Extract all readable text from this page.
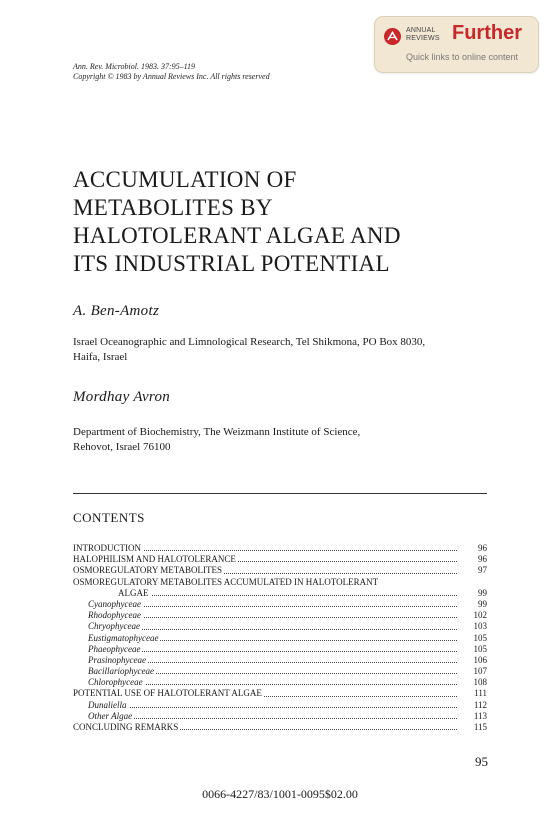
ANNUAL
REVIEWS Further
Quick links to online content
Ann. Rev. Microbiol. 1983. 37:95–119
Copyright © 1983 by Annual Reviews Inc. All rights reserved
ACCUMULATION OF
METABOLITES BY
HALOTOLERANT ALGAE AND
ITS INDUSTRIAL POTENTIAL
A. Ben-Amotz
Israel Oceanographic and Limnological Research, Tel Shikmona, PO Box 8030,
Haifa, Israel
Mordhay Avron
Department of Biochemistry, The Weizmann Institute of Science,
Rehovot, Israel 76100
CONTENTS
INTRODUCTION	96
HALOPHILISM AND HALOTOLERANCE	96
OSMOREGULATORY METABOLITES	97
OSMOREGULATORY METABOLITES ACCUMULATED IN HALOTOLERANT
ALGAE	99
Cyanophyceae	99
Rhodophyceae	102
Chryophyceae	103
Eustigmatophyceae	105
Phaeophyceae	105
Prasinophyceae	106
Bacillariophyceae	107
Chlorophyceae	108
POTENTIAL USE OF HALOTOLERANT ALGAE	111
Dunaliella	112
Other Algae	113
CONCLUDING REMARKS	115
95
0066-4227/83/1001-0095$02.00
